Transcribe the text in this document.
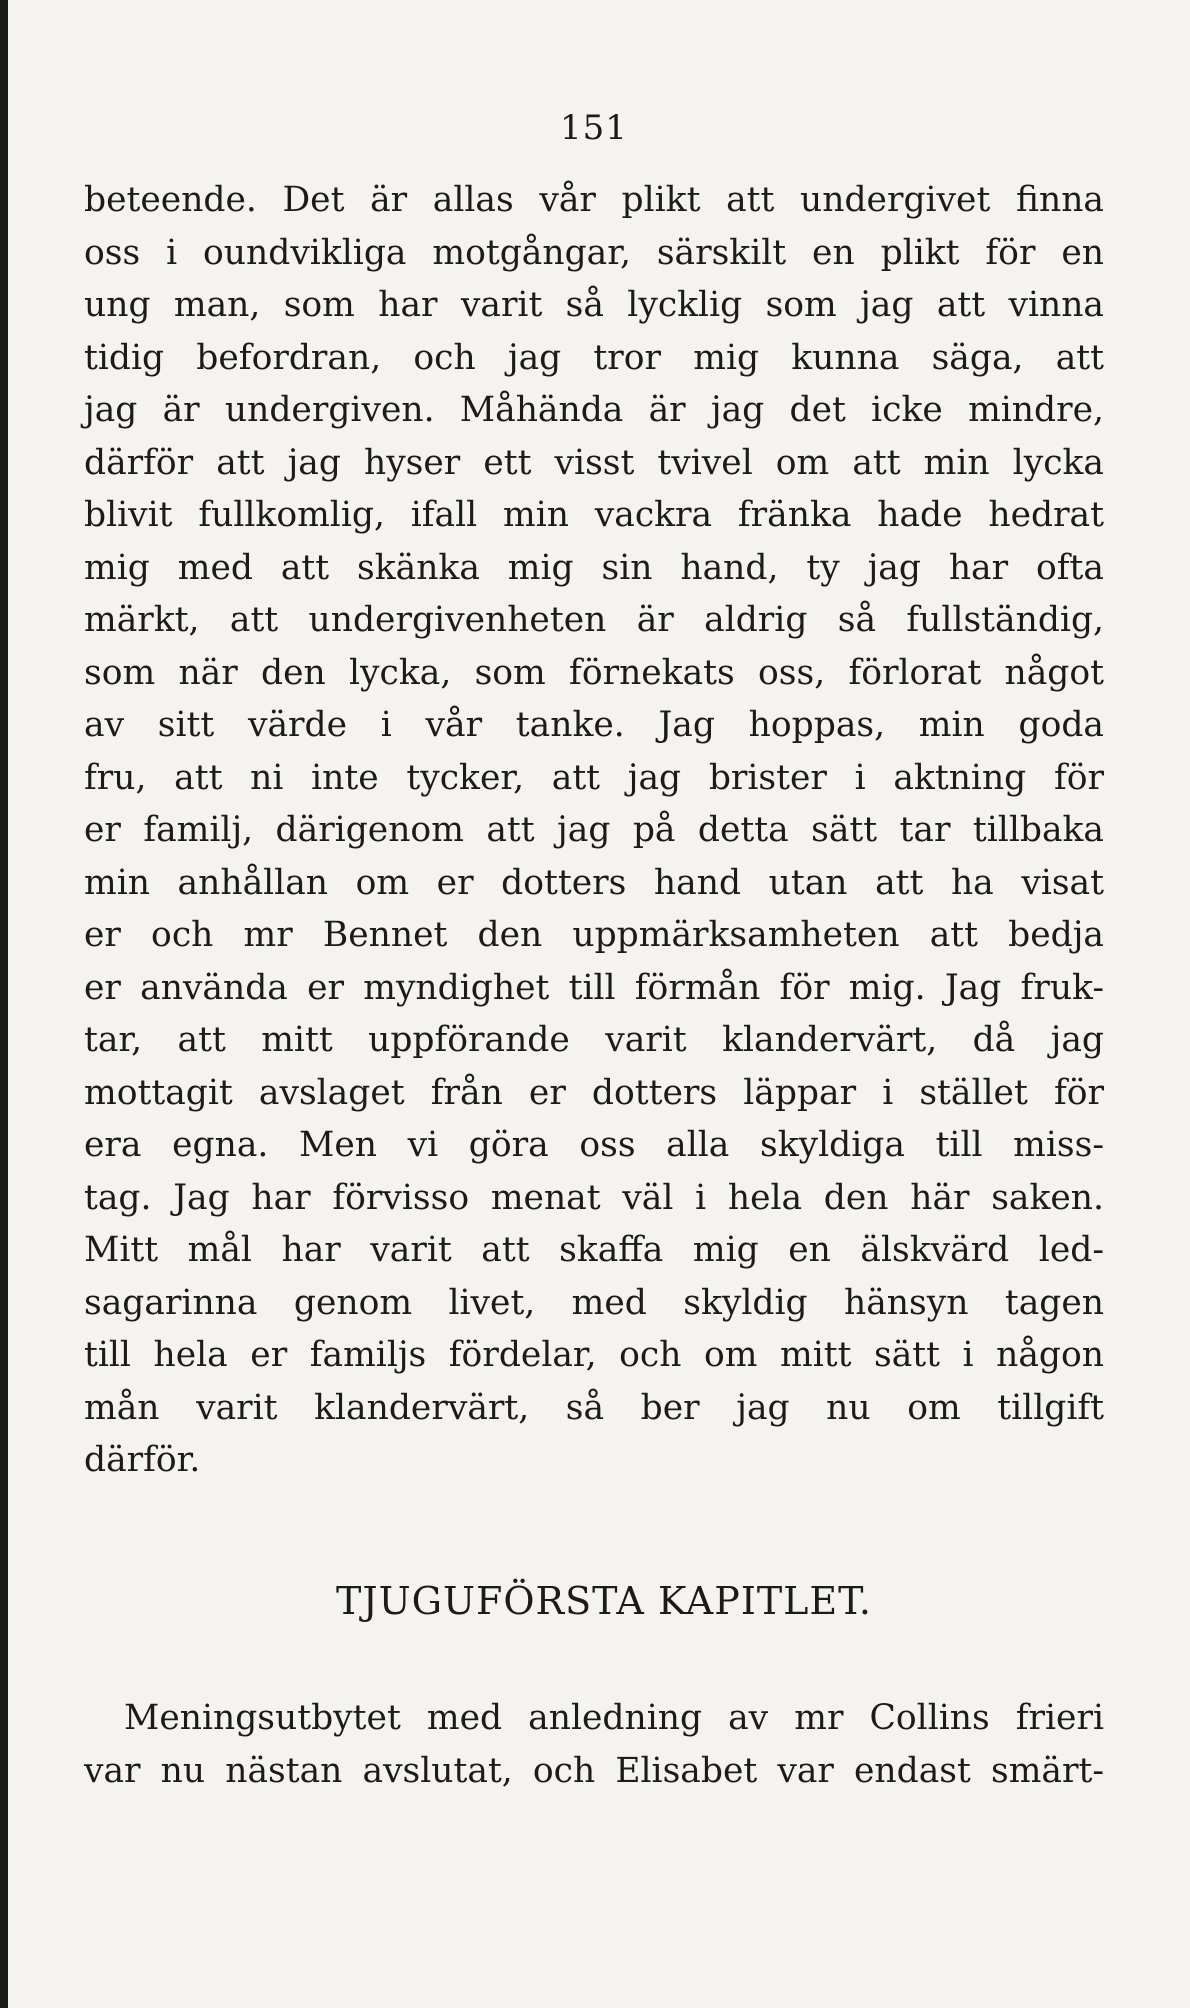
151
beteende. Det är allas vår plikt att undergivet finna
oss i oundvikliga motgångar, särskilt en plikt för en
ung man, som har varit så lycklig som jag att vinna
tidig befordran, och jag tror mig kunna säga, att
jag är undergiven. Måhända är jag det icke mindre,
därför att jag hyser ett visst tvivel om att min lycka
blivit fullkomlig, ifall min vackra fränka hade hedrat
mig med att skänka mig sin hand, ty jag har ofta
märkt, att undergivenheten är aldrig så fullständig,
som när den lycka, som förnekats oss, förlorat något
av sitt värde i vår tanke. Jag hoppas, min goda
fru, att ni inte tycker, att jag brister i aktning för
er familj, därigenom att jag på detta sätt tar tillbaka
min anhållan om er dotters hand utan att ha visat
er och mr Bennet den uppmärksamheten att bedja
er använda er myndighet till förmån för mig. Jag fruk-
tar, att mitt uppförande varit klandervärt, då jag
mottagit avslaget från er dotters läppar i stället för
era egna. Men vi göra oss alla skyldiga till miss-
tag. Jag har förvisso menat väl i hela den här saken.
Mitt mål har varit att skaffa mig en älskvärd led-
sagarinna genom livet, med skyldig hänsyn tagen
till hela er familjs fördelar, och om mitt sätt i någon
mån varit klandervärt, så ber jag nu om tillgift
därför.
TJUGUFÖRSTA KAPITLET.
Meningsutbytet med anledning av mr Collins frieri
var nu nästan avslutat, och Elisabet var endast smärt-
